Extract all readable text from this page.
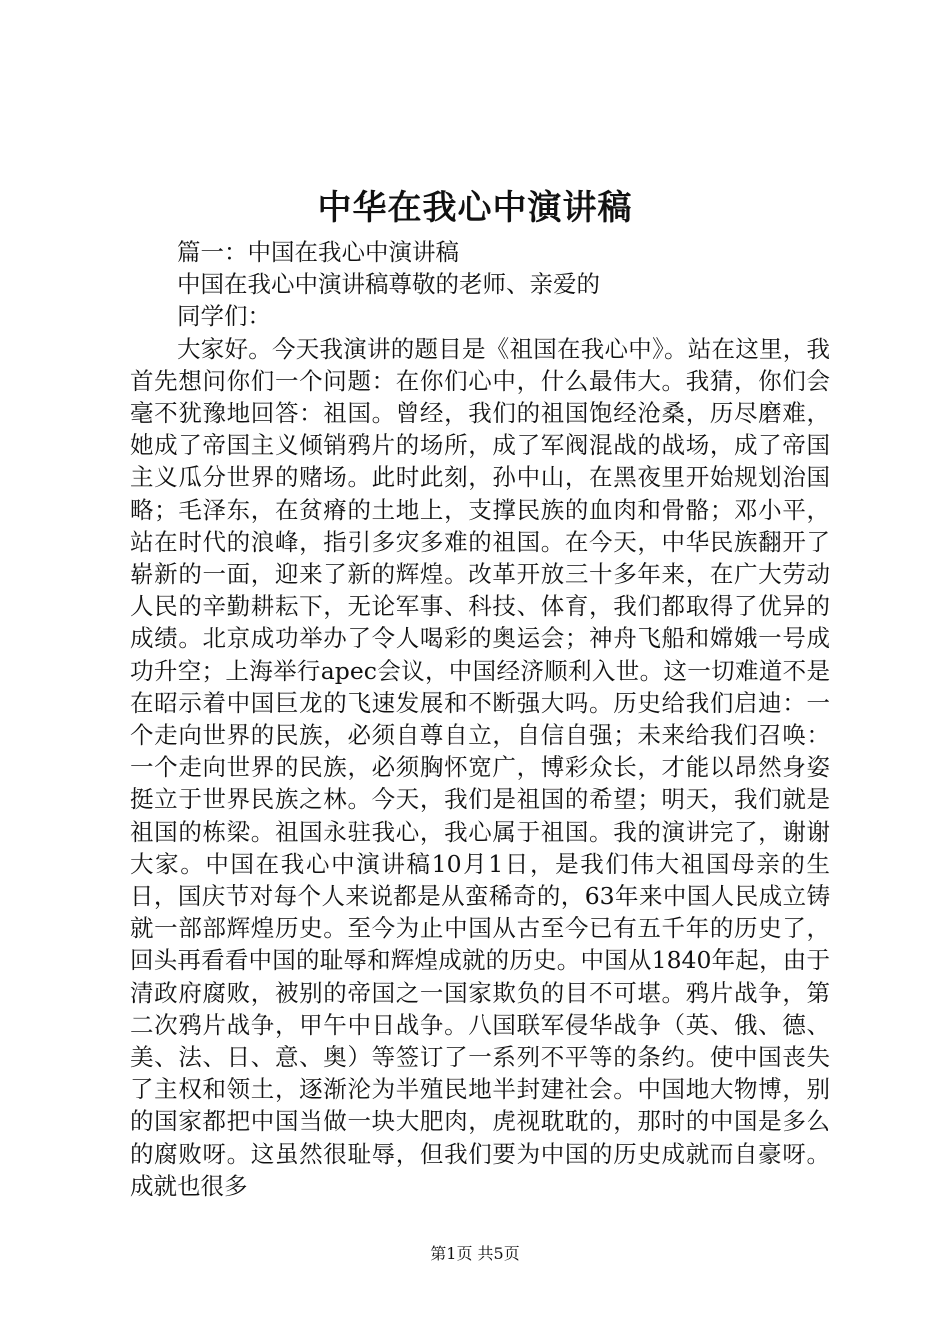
中华在我心中演讲稿

篇一：中国在我心中演讲稿

中国在我心中演讲稿尊敬的老师、亲爱的

同学们：

大家好。今天我演讲的题目是《祖国在我心中》。站在这里，我首先想问你们一个问题：在你们心中，什么最伟大。我猜，你们会毫不犹豫地回答：祖国。曾经，我们的祖国饱经沧桑，历尽磨难，她成了帝国主义倾销鸦片的场所，成了军阀混战的战场，成了帝国主义瓜分世界的赌场。此时此刻，孙中山，在黑夜里开始规划治国略；毛泽东，在贫瘠的土地上，支撑民族的血肉和骨骼；邓小平，站在时代的浪峰，指引多灾多难的祖国。在今天，中华民族翻开了崭新的一面，迎来了新的辉煌。改革开放三十多年来，在广大劳动人民的辛勤耕耘下，无论军事、科技、体育，我们都取得了优异的成绩。北京成功举办了令人喝彩的奥运会；神舟飞船和嫦娥一号成功升空；上海举行apec会议，中国经济顺利入世。这一切难道不是在昭示着中国巨龙的飞速发展和不断强大吗。历史给我们启迪：一个走向世界的民族，必须自尊自立，自信自强；未来给我们召唤：一个走向世界的民族，必须胸怀宽广，博彩众长，才能以昂然身姿挺立于世界民族之林。今天，我们是祖国的希望；明天，我们就是祖国的栋梁。祖国永驻我心，我心属于祖国。我的演讲完了，谢谢大家。中国在我心中演讲稿10月1日，是我们伟大祖国母亲的生日，国庆节对每个人来说都是从蛮稀奇的，63年来中国人民成立铸就一部部辉煌历史。至今为止中国从古至今已有五千年的历史了，回头再看看中国的耻辱和辉煌成就的历史。中国从1840年起，由于清政府腐败，被别的帝国之一国家欺负的目不可堪。鸦片战争，第二次鸦片战争，甲午中日战争。八国联军侵华战争（英、俄、德、美、法、日、意、奥）等签订了一系列不平等的条约。使中国丧失了主权和领土，逐渐沦为半殖民地半封建社会。中国地大物博，别的国家都把中国当做一块大肥肉，虎视耽耽的，那时的中国是多么的腐败呀。这虽然很耻辱，但我们要为中国的历史成就而自豪呀。成就也很多

第1页 共5页
